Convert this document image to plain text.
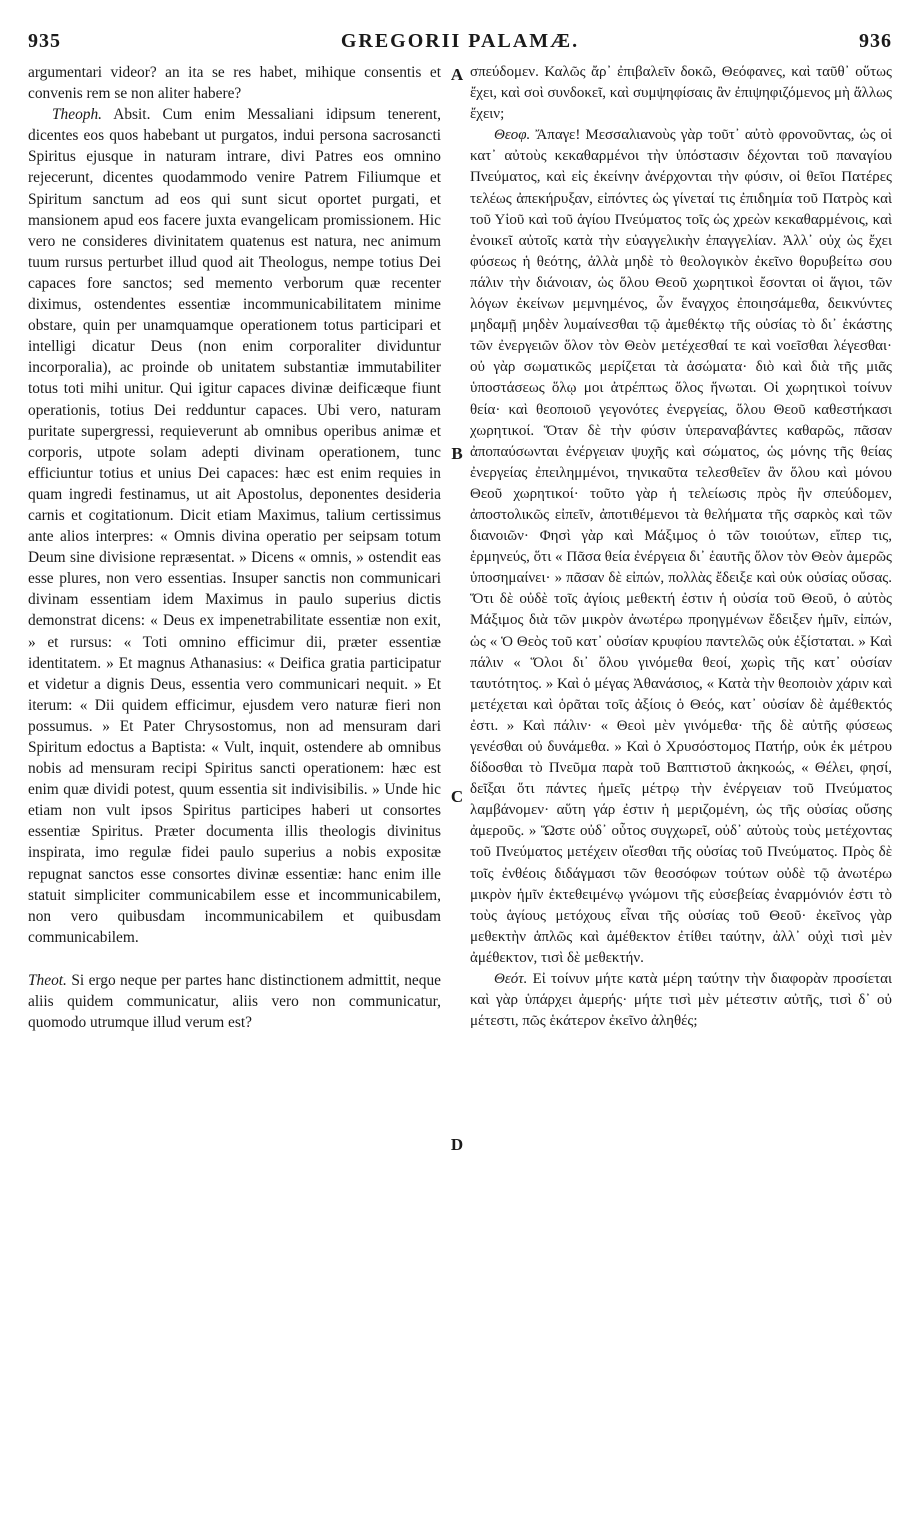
935	GREGORII PALAMÆ.	936

argumentari videor? an ita se res habet, mihique consentis et convenis rem se non aliter habere?

Theoph. Absit. Cum enim Messaliani idipsum tenerent, dicentes eos quos habebant ut purgatos, indui persona sacrosancti Spiritus ejusque in naturam intrare, divi Patres eos omnino rejecerunt, dicentes quodammodo venire Patrem Filiumque et Spiritum sanctum ad eos qui sunt sicut oportet purgati, et mansionem apud eos facere juxta evangelicam promissionem. Hic vero ne consideres divinitatem quatenus est natura, nec animum tuum rursus perturbet illud quod ait Theologus, nempe totius Dei capaces fore sanctos; sed memento verborum quæ recenter diximus, ostendentes essentiæ incommunicabilitatem minime obstare, quin per unamquamque operationem totus participari et intelligi dicatur Deus (non enim corporaliter dividuntur incorporalia), ac proinde ob unitatem substantiæ immutabiliter totus toti mihi unitur. Qui igitur capaces divinæ deificæque fiunt operationis, totius Dei redduntur capaces. Ubi vero, naturam puritate supergressi, requieverunt ab omnibus operibus animæ et corporis, utpote solam adepti divinam operationem, tunc efficiuntur totius et unius Dei capaces: hæc est enim requies in quam ingredi festinamus, ut ait Apostolus, deponentes desideria carnis et cogitationum. Dicit etiam Maximus, talium certissimus ante alios interpres: « Omnis divina operatio per seipsam totum Deum sine divisione repræsentat. » Dicens « omnis, » ostendit eas esse plures, non vero essentias. Insuper sanctis non communicari divinam essentiam idem Maximus in paulo superius dictis demonstrat dicens: « Deus ex impenetrabilitate essentiæ non exit, » et rursus: « Toti omnino efficimur dii, præter essentiæ identitatem. » Et magnus Athanasius: « Deifica gratia participatur et videtur a dignis Deus, essentia vero communicari nequit. » Et iterum: « Dii quidem efficimur, ejusdem vero naturæ fieri non possumus. » Et Pater Chrysostomus, non ad mensuram dari Spiritum edoctus a Baptista: « Vult, inquit, ostendere ab omnibus nobis ad mensuram recipi Spiritus sancti operationem: hæc est enim quæ dividi potest, quum essentia sit indivisibilis. » Unde hic etiam non vult ipsos Spiritus participes haberi ut consortes essentiæ Spiritus. Præter documenta illis theologis divinitus inspirata, imo regulæ fidei paulo superius a nobis expositæ repugnat sanctos esse consortes divinæ essentiæ: hanc enim ille statuit simpliciter communicabilem esse et incommunicabilem, non vero quibusdam incommunicabilem et quibusdam communicabilem.

Theot. Si ergo neque per partes hanc distinctionem admittit, neque aliis quidem communicatur, aliis vero non communicatur, quomodo utrumque illud verum est?

A
B
C
D

σπεύδομεν. Καλῶς ἄρ᾽ ἐπιβαλεῖν δοκῶ, Θεόφανες, καὶ ταῦθ᾽ οὕτως ἔχει, καὶ σοὶ συνδοκεῖ, καὶ συμψηφίσαις ἂν ἐπιψηφιζόμενος μὴ ἄλλως ἔχειν;

Θεοφ. Ἄπαγε! Μεσσαλιανοὺς γὰρ τοῦτ᾽ αὐτὸ φρονοῦντας, ὡς οἱ κατ᾽ αὐτοὺς κεκαθαρμένοι τὴν ὑπόστασιν δέχονται τοῦ παναγίου Πνεύματος, καὶ εἰς ἐκείνην ἀνέρχονται τὴν φύσιν, οἱ θεῖοι Πατέρες τελέως ἀπεκήρυξαν, εἰπόντες ὡς γίνεταί τις ἐπιδημία τοῦ Πατρὸς καὶ τοῦ Υἱοῦ καὶ τοῦ ἁγίου Πνεύματος τοῖς ὡς χρεὼν κεκαθαρμένοις, καὶ ἐνοικεῖ αὐτοῖς κατὰ τὴν εὐαγγελικὴν ἐπαγγελίαν. Ἀλλ᾽ οὐχ ὡς ἔχει φύσεως ἡ θεότης, ἀλλὰ μηδὲ τὸ θεολογικὸν ἐκεῖνο θορυβείτω σου πάλιν τὴν διάνοιαν, ὡς ὅλου Θεοῦ χωρητικοὶ ἔσονται οἱ ἅγιοι, τῶν λόγων ἐκείνων μεμνημένος, ὧν ἔναγχος ἐποιησάμεθα, δεικνύντες μηδαμῇ μηδὲν λυμαίνεσθαι τῷ ἀμεθέκτῳ τῆς οὐσίας τὸ δι᾽ ἑκάστης τῶν ἐνεργειῶν ὅλον τὸν Θεὸν μετέχεσθαί τε καὶ νοεῖσθαι λέγεσθαι· οὐ γὰρ σωματικῶς μερίζεται τὰ ἀσώματα· διὸ καὶ διὰ τῆς μιᾶς ὑποστάσεως ὅλῳ μοι ἀτρέπτως ὅλος ἥνωται. Οἱ χωρητικοὶ τοίνυν θεία· καὶ θεοποιοῦ γεγονότες ἐνεργείας, ὅλου Θεοῦ καθεστήκασι χωρητικοί. Ὅταν δὲ τὴν φύσιν ὑπεραναβάντες καθαρῶς, πᾶσαν ἀποπαύσωνται ἐνέργειαν ψυχῆς καὶ σώματος, ὡς μόνης τῆς θείας ἐνεργείας ἐπειλημμένοι, τηνικαῦτα τελεσθεῖεν ἂν ὅλου καὶ μόνου Θεοῦ χωρητικοί· τοῦτο γὰρ ἡ τελείωσις πρὸς ἣν σπεύδομεν, ἀποστολικῶς εἰπεῖν, ἀποτιθέμενοι τὰ θελήματα τῆς σαρκὸς καὶ τῶν διανοιῶν· Φησὶ γὰρ καὶ Μάξιμος ὁ τῶν τοιούτων, εἴπερ τις, ἑρμηνεύς, ὅτι « Πᾶσα θεία ἐνέργεια δι᾽ ἑαυτῆς ὅλον τὸν Θεὸν ἀμερῶς ὑποσημαίνει· » πᾶσαν δὲ εἰπών, πολλὰς ἔδειξε καὶ οὐκ οὐσίας οὔσας. Ὅτι δὲ οὐδὲ τοῖς ἁγίοις μεθεκτή ἐστιν ἡ οὐσία τοῦ Θεοῦ, ὁ αὐτὸς Μάξιμος διὰ τῶν μικρὸν ἀνωτέρω προηγμένων ἔδειξεν ἡμῖν, εἰπών, ὡς « Ὁ Θεὸς τοῦ κατ᾽ οὐσίαν κρυφίου παντελῶς οὐκ ἐξίσταται. » Καὶ πάλιν « Ὅλοι δι᾽ ὅλου γινόμεθα θεοί, χωρὶς τῆς κατ᾽ οὐσίαν ταυτότητος. » Καὶ ὁ μέγας Ἀθανάσιος, « Κατὰ τὴν θεοποιὸν χάριν καὶ μετέχεται καὶ ὁρᾶται τοῖς ἀξίοις ὁ Θεός, κατ᾽ οὐσίαν δὲ ἀμέθεκτός ἐστι. » Καὶ πάλιν· « Θεοὶ μὲν γινόμεθα· τῆς δὲ αὐτῆς φύσεως γενέσθαι οὐ δυνάμεθα. » Καὶ ὁ Χρυσόστομος Πατήρ, οὐκ ἐκ μέτρου δίδοσθαι τὸ Πνεῦμα παρὰ τοῦ Βαπτιστοῦ ἀκηκοώς, « Θέλει, φησί, δεῖξαι ὅτι πάντες ἡμεῖς μέτρῳ τὴν ἐνέργειαν τοῦ Πνεύματος λαμβάνομεν· αὕτη γάρ ἐστιν ἡ μεριζομένη, ὡς τῆς οὐσίας οὔσης ἀμεροῦς. » Ὥστε οὐδ᾽ οὗτος συγχωρεῖ, οὐδ᾽ αὐτοὺς τοὺς μετέχοντας τοῦ Πνεύματος μετέχειν οἴεσθαι τῆς οὐσίας τοῦ Πνεύματος. Πρὸς δὲ τοῖς ἐνθέοις διδάγμασι τῶν θεοσόφων τούτων οὐδὲ τῷ ἀνωτέρω μικρὸν ἡμῖν ἐκτεθειμένῳ γνώμονι τῆς εὐσεβείας ἐναρμόνιόν ἐστι τὸ τοὺς ἁγίους μετόχους εἶναι τῆς οὐσίας τοῦ Θεοῦ· ἐκεῖνος γὰρ μεθεκτὴν ἁπλῶς καὶ ἀμέθεκτον ἐτίθει ταύτην, ἀλλ᾽ οὐχὶ τισὶ μὲν ἀμέθεκτον, τισὶ δὲ μεθεκτήν.

Θεότ. Εἰ τοίνυν μήτε κατὰ μέρη ταύτην τὴν διαφορὰν προσίεται καὶ γὰρ ὑπάρχει ἀμερής· μήτε τισὶ μὲν μέτεστιν αὐτῆς, τισὶ δ᾽ οὐ μέτεστι, πῶς ἑκάτερον ἐκεῖνο ἀληθές;
